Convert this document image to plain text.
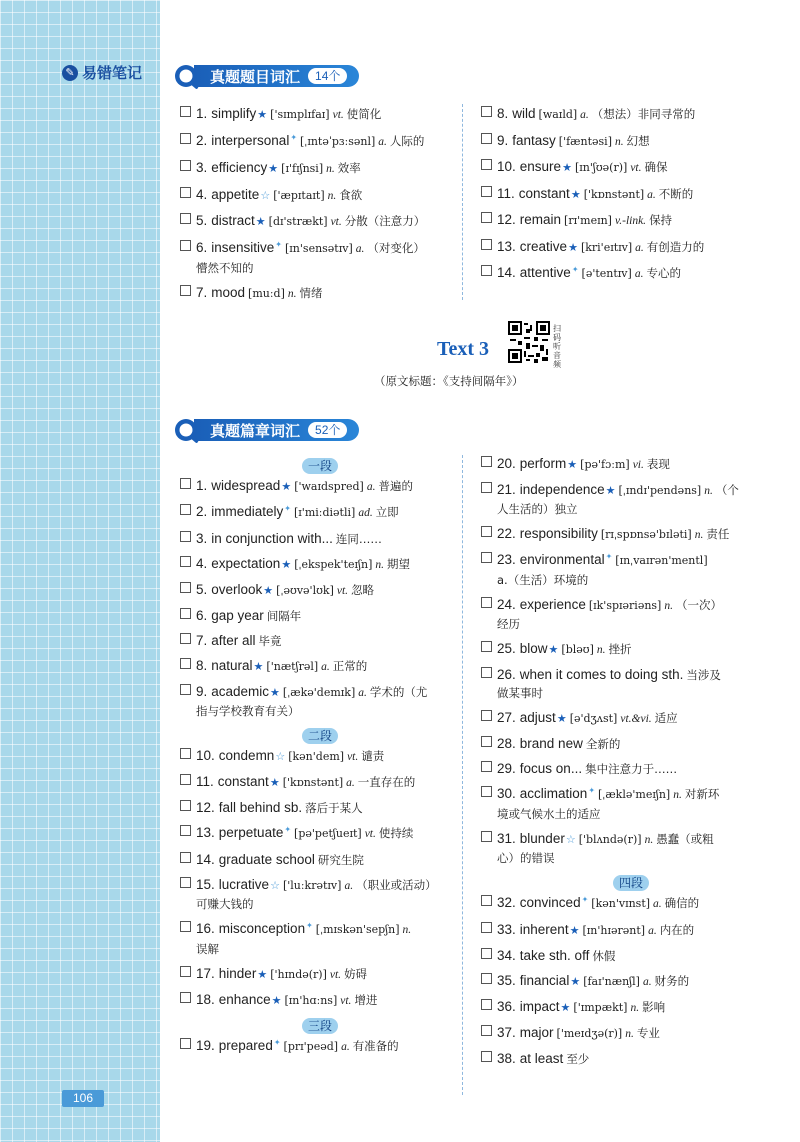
✎ 易错笔记
106
真题题目词汇	14个
1. simplify ★ ['sɪmplɪfaɪ] vt. 使简化
2. interpersonal ✦ [ˌɪntəˈpɜːsənl] a. 人际的
3. efficiency ★ [ɪ'fɪʃnsi] n. 效率
4. appetite ☆ ['æpɪtaɪt] n. 食欲
5. distract ★ [dɪ'strækt] vt. 分散（注意力）
6. insensitive ✦ [ɪn'sensətɪv] a. （对变化）
懵然不知的
7. mood [muːd] n. 情绪
8. wild [waɪld] a. （想法）非同寻常的
9. fantasy ['fæntəsi] n. 幻想
10. ensure ★ [ɪn'ʃʊə(r)] vt. 确保
11. constant ★ ['kɒnstənt] a. 不断的
12. remain [rɪ'meɪn] v.-link. 保持
13. creative ★ [kri'eɪtɪv] a. 有创造力的
14. attentive ✦ [ə'tentɪv] a. 专心的
Text 3
扫码听音频
（原文标题：《支持间隔年》）
真题篇章词汇	52个
一段
1. widespread ★ ['waɪdspred] a. 普遍的
2. immediately ✦ [ɪ'miːdiətli] ad. 立即
3. in conjunction with... 连同……
4. expectation ★ [ˌekspek'teɪʃn] n. 期望
5. overlook ★ [ˌəʊvə'lʊk] vt. 忽略
6. gap year 间隔年
7. after all 毕竟
8. natural ★ ['nætʃrəl] a. 正常的
9. academic ★ [ˌækə'demɪk] a. 学术的（尤
指与学校教育有关）
二段
10. condemn ☆ [kən'dem] vt. 谴责
11. constant ★ ['kɒnstənt] a. 一直存在的
12. fall behind sb. 落后于某人
13. perpetuate ✦ [pə'petʃueɪt] vt. 使持续
14. graduate school 研究生院
15. lucrative ☆ ['luːkrətɪv] a. （职业或活动）
可赚大钱的
16. misconception ✦ [ˌmɪskən'sepʃn] n.
误解
17. hinder ★ ['hɪndə(r)] vt. 妨碍
18. enhance ★ [ɪn'hɑːns] vt. 增进
三段
19. prepared ✦ [prɪ'peəd] a. 有准备的
20. perform ★ [pə'fɔːm] vi. 表现
21. independence ★ [ˌɪndɪ'pendəns] n. （个
人生活的）独立
22. responsibility [rɪˌspɒnsə'bɪləti] n. 责任
23. environmental ✦ [ɪnˌvaɪrən'mentl]
a.（生活）环境的
24. experience [ɪk'spɪəriəns] n. （一次）
经历
25. blow ★ [bləʊ] n. 挫折
26. when it comes to doing sth. 当涉及
做某事时
27. adjust ★ [ə'dʒʌst] vt.&vi. 适应
28. brand new 全新的
29. focus on... 集中注意力于……
30. acclimation ✦ [ˌæklə'meɪʃn] n. 对新环
境或气候水土的适应
31. blunder ☆ ['blʌndə(r)] n. 愚蠢（或粗
心）的错误
四段
32. convinced ✦ [kən'vɪnst] a. 确信的
33. inherent ★ [ɪn'hɪərənt] a. 内在的
34. take sth. off 休假
35. financial ★ [faɪ'nænʃl] a. 财务的
36. impact ★ ['ɪmpækt] n. 影响
37. major ['meɪdʒə(r)] n. 专业
38. at least 至少
